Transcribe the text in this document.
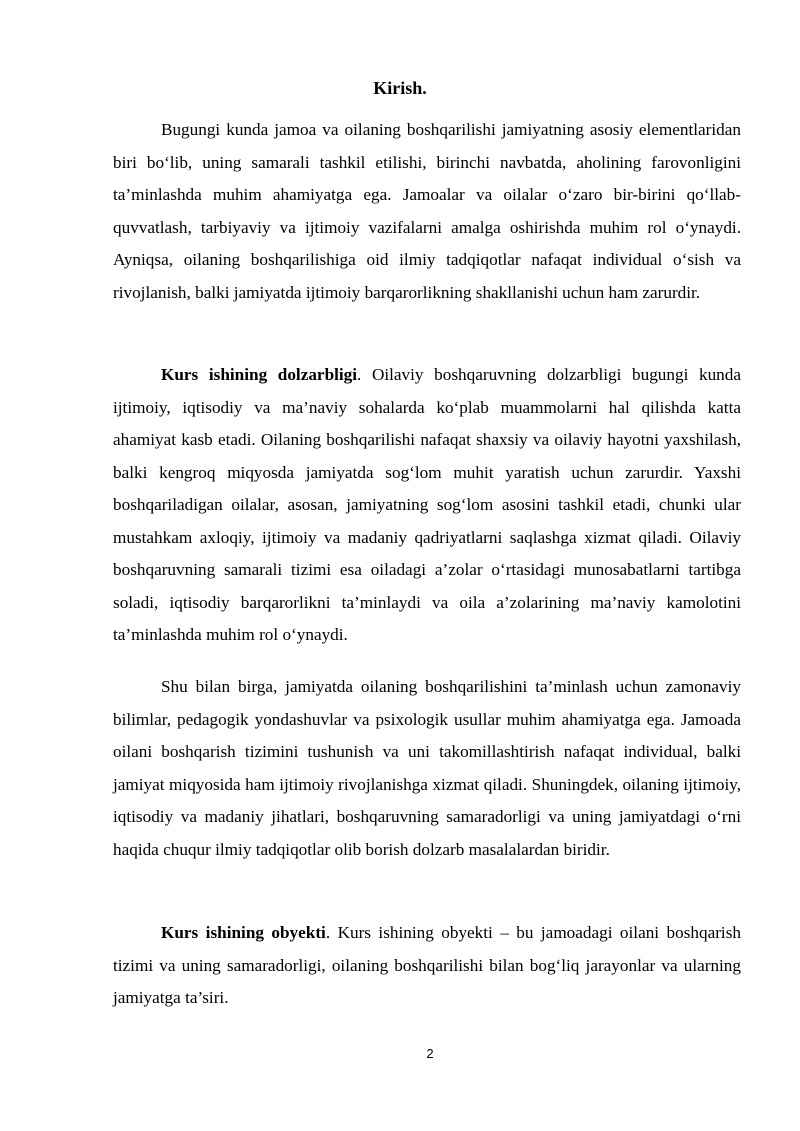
Kirish.

Bugungi kunda jamoa va oilaning boshqarilishi jamiyatning asosiy elementlaridan biri bo‘lib, uning samarali tashkil etilishi, birinchi navbatda, aholining farovonligini ta’minlashda muhim ahamiyatga ega. Jamoalar va oilalar o‘zaro bir-birini qo‘llab-quvvatlash, tarbiyaviy va ijtimoiy vazifalarni amalga oshirishda muhim rol o‘ynaydi. Ayniqsa, oilaning boshqarilishiga oid ilmiy tadqiqotlar nafaqat individual o‘sish va rivojlanish, balki jamiyatda ijtimoiy barqarorlikning shakllanishi uchun ham zarurdir.

Kurs ishining dolzarbligi. Oilaviy boshqaruvning dolzarbligi bugungi kunda ijtimoiy, iqtisodiy va ma’naviy sohalarda ko‘plab muammolarni hal qilishda katta ahamiyat kasb etadi. Oilaning boshqarilishi nafaqat shaxsiy va oilaviy hayotni yaxshilash, balki kengroq miqyosda jamiyatda sog‘lom muhit yaratish uchun zarurdir. Yaxshi boshqariladigan oilalar, asosan, jamiyatning sog‘lom asosini tashkil etadi, chunki ular mustahkam axloqiy, ijtimoiy va madaniy qadriyatlarni saqlashga xizmat qiladi. Oilaviy boshqaruvning samarali tizimi esa oiladagi a’zolar o‘rtasidagi munosabatlarni tartibga soladi, iqtisodiy barqarorlikni ta’minlaydi va oila a’zolarining ma’naviy kamolotini ta’minlashda muhim rol o‘ynaydi.

Shu bilan birga, jamiyatda oilaning boshqarilishini ta’minlash uchun zamonaviy bilimlar, pedagogik yondashuvlar va psixologik usullar muhim ahamiyatga ega. Jamoada oilani boshqarish tizimini tushunish va uni takomillashtirish nafaqat individual, balki jamiyat miqyosida ham ijtimoiy rivojlanishga xizmat qiladi. Shuningdek, oilaning ijtimoiy, iqtisodiy va madaniy jihatlari, boshqaruvning samaradorligi va uning jamiyatdagi o‘rni haqida chuqur ilmiy tadqiqotlar olib borish dolzarb masalalardan biridir.

Kurs ishining obyekti. Kurs ishining obyekti – bu jamoadagi oilani boshqarish tizimi va uning samaradorligi, oilaning boshqarilishi bilan bog‘liq jarayonlar va ularning jamiyatga ta’siri.

2
